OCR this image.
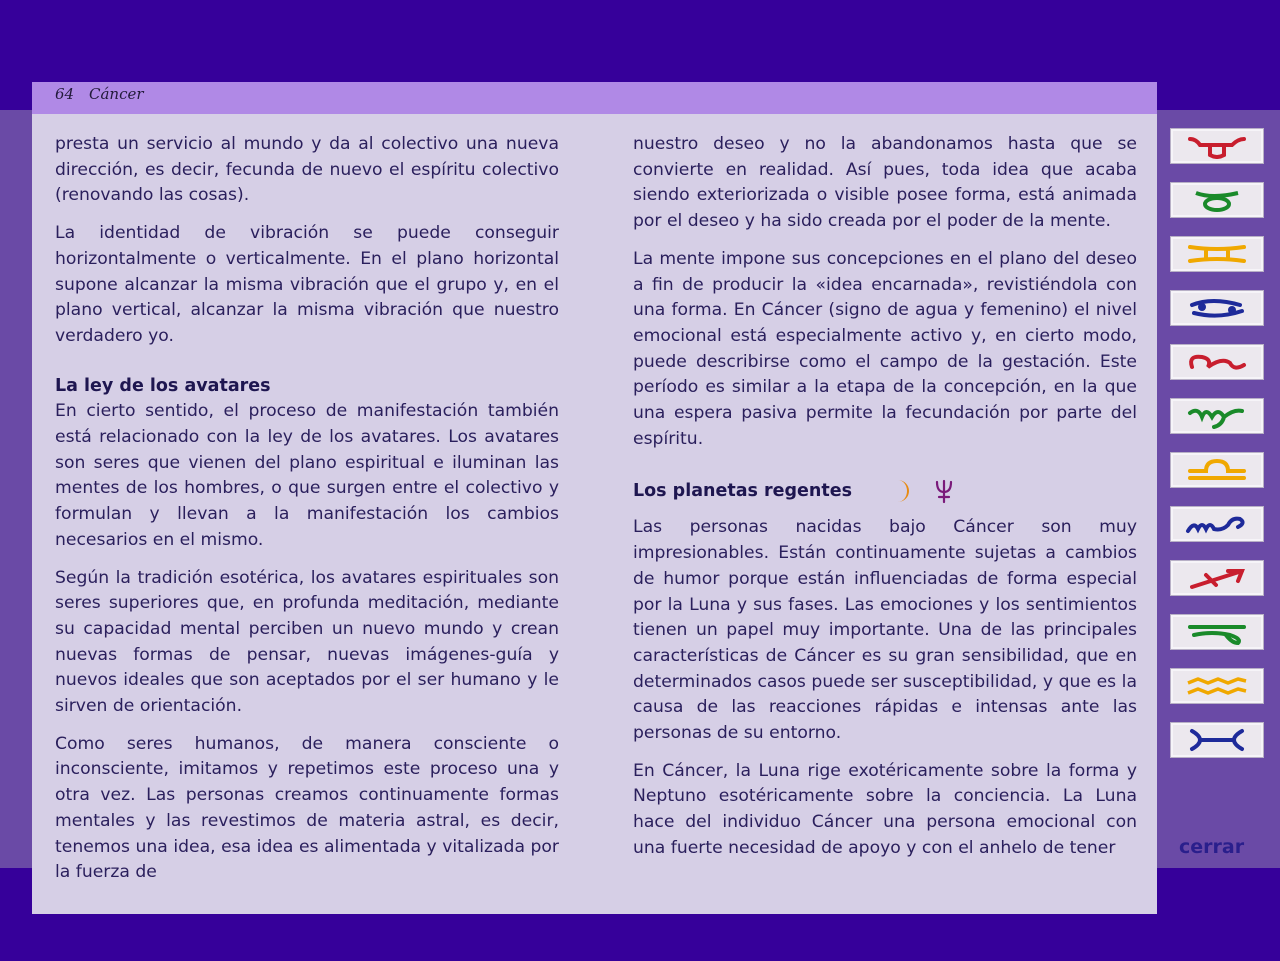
64 Cáncer

presta un servicio al mundo y da al colectivo una nueva dirección, es decir, fecunda de nuevo el espíritu colectivo (renovando las cosas).

La identidad de vibración se puede conseguir horizontalmente o verticalmente. En el plano horizontal supone alcanzar la misma vibración que el grupo y, en el plano vertical, alcanzar la misma vibración que nuestro verdadero yo.

La ley de los avatares

En cierto sentido, el proceso de manifestación también está relacionado con la ley de los avatares. Los avatares son seres que vienen del plano espiritual e iluminan las mentes de los hombres, o que surgen entre el colectivo y formulan y llevan a la manifestación los cambios necesarios en el mismo.

Según la tradición esotérica, los avatares espirituales son seres superiores que, en profunda meditación, mediante su capacidad mental perciben un nuevo mundo y crean nuevas formas de pensar, nuevas imágenes-guía y nuevos ideales que son aceptados por el ser humano y le sirven de orientación.

Como seres humanos, de manera consciente o inconsciente, imitamos y repetimos este proceso una y otra vez. Las personas creamos continuamente formas mentales y las revestimos de materia astral, es decir, tenemos una idea, esa idea es alimentada y vitalizada por la fuerza de

nuestro deseo y no la abandonamos hasta que se convierte en realidad. Así pues, toda idea que acaba siendo exteriorizada o visible posee forma, está animada por el deseo y ha sido creada por el poder de la mente.

La mente impone sus concepciones en el plano del deseo a fin de producir la «idea encarnada», revistiéndola con una forma. En Cáncer (signo de agua y femenino) el nivel emocional está especialmente activo y, en cierto modo, puede describirse como el campo de la gestación. Este período es similar a la etapa de la concepción, en la que una espera pasiva permite la fecundación por parte del espíritu.

Los planetas regentes

Las personas nacidas bajo Cáncer son muy impresionables. Están continuamente sujetas a cambios de humor porque están influenciadas de forma especial por la Luna y sus fases. Las emociones y los sentimientos tienen un papel muy importante. Una de las principales características de Cáncer es su gran sensibilidad, que en determinados casos puede ser susceptibilidad, y que es la causa de las reacciones rápidas e intensas ante las personas de su entorno.

En Cáncer, la Luna rige exotéricamente sobre la forma y Neptuno esotéricamente sobre la conciencia. La Luna hace del individuo Cáncer una persona emocional con una fuerte necesidad de apoyo y con el anhelo de tener	cerrar
